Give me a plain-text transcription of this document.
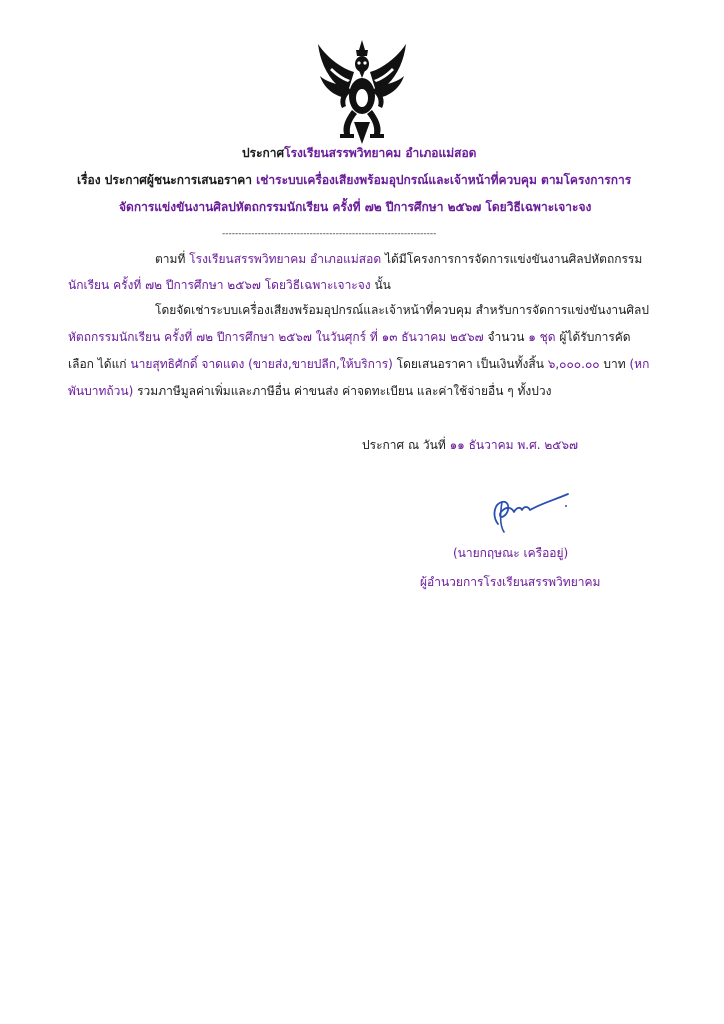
ประกาศโรงเรียนสรรพวิทยาคม อำเภอแม่สอด
เรื่อง ประกาศผู้ชนะการเสนอราคา เช่าระบบเครื่องเสียงพร้อมอุปกรณ์และเจ้าหน้าที่ควบคุม ตามโครงการการ
จัดการแข่งขันงานศิลปหัตถกรรมนักเรียน ครั้งที่ ๗๒ ปีการศึกษา ๒๕๖๗ โดยวิธีเฉพาะเจาะจง
------------------------------------------------------------------
ตามที่ โรงเรียนสรรพวิทยาคม อำเภอแม่สอด ได้มีโครงการการจัดการแข่งขันงานศิลปหัตถกรรม
นักเรียน ครั้งที่ ๗๒ ปีการศึกษา ๒๕๖๗ โดยวิธีเฉพาะเจาะจง นั้น
โดยจัดเช่าระบบเครื่องเสียงพร้อมอุปกรณ์และเจ้าหน้าที่ควบคุม สำหรับการจัดการแข่งขันงานศิลป
หัตถกรรมนักเรียน ครั้งที่ ๗๒ ปีการศึกษา ๒๕๖๗ ในวันศุกร์ ที่ ๑๓ ธันวาคม ๒๕๖๗ จำนวน ๑ ชุด ผู้ได้รับการคัด
เลือก ได้แก่ นายสุทธิศักดิ์ จาดแดง (ขายส่ง,ขายปลีก,ให้บริการ) โดยเสนอราคา เป็นเงินทั้งสิ้น ๖,๐๐๐.๐๐ บาท (หก
พันบาทถ้วน) รวมภาษีมูลค่าเพิ่มและภาษีอื่น ค่าขนส่ง ค่าจดทะเบียน และค่าใช้จ่ายอื่น ๆ ทั้งปวง
ประกาศ ณ วันที่ ๑๑ ธันวาคม พ.ศ. ๒๕๖๗
(นายกฤษณะ เครืออยู่)
ผู้อำนวยการโรงเรียนสรรพวิทยาคม
